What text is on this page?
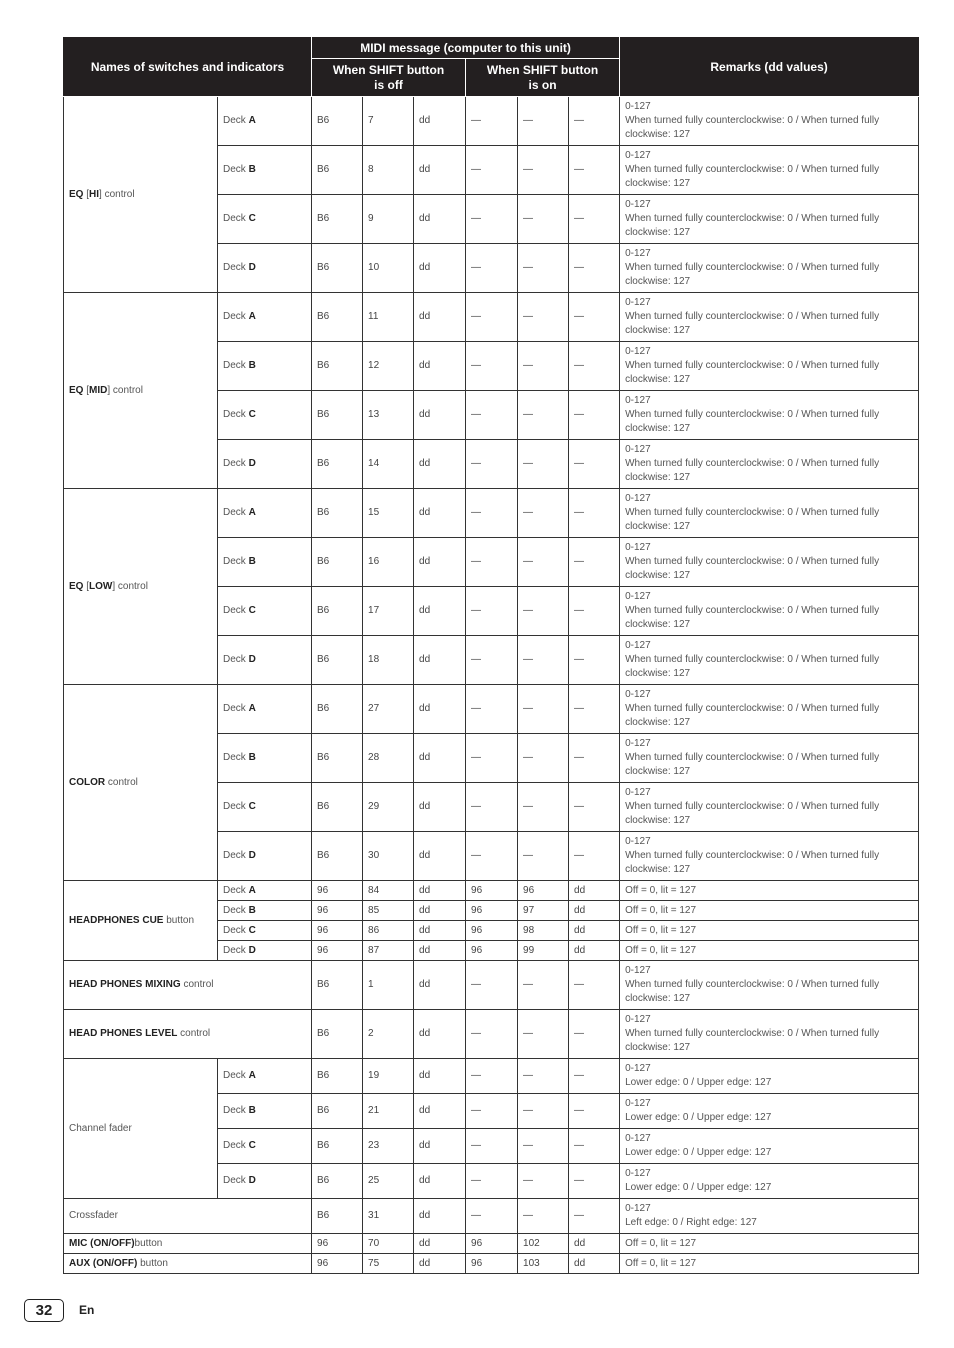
Names of switches and indicators		MIDI message (computer to this unit)						Remarks (dd values)
		When SHIFT button
is off			When SHIFT button
is on			
EQ [HI] control	Deck A	B6	7	dd	—	—	—	0-127
When turned fully counterclockwise: 0 / When turned fully clockwise: 127
	Deck B	B6	8	dd	—	—	—	0-127
When turned fully counterclockwise: 0 / When turned fully clockwise: 127
	Deck C	B6	9	dd	—	—	—	0-127
When turned fully counterclockwise: 0 / When turned fully clockwise: 127
	Deck D	B6	10	dd	—	—	—	0-127
When turned fully counterclockwise: 0 / When turned fully clockwise: 127
EQ [MID] control	Deck A	B6	11	dd	—	—	—	0-127
When turned fully counterclockwise: 0 / When turned fully clockwise: 127
	Deck B	B6	12	dd	—	—	—	0-127
When turned fully counterclockwise: 0 / When turned fully clockwise: 127
	Deck C	B6	13	dd	—	—	—	0-127
When turned fully counterclockwise: 0 / When turned fully clockwise: 127
	Deck D	B6	14	dd	—	—	—	0-127
When turned fully counterclockwise: 0 / When turned fully clockwise: 127
EQ [LOW] control	Deck A	B6	15	dd	—	—	—	0-127
When turned fully counterclockwise: 0 / When turned fully clockwise: 127
	Deck B	B6	16	dd	—	—	—	0-127
When turned fully counterclockwise: 0 / When turned fully clockwise: 127
	Deck C	B6	17	dd	—	—	—	0-127
When turned fully counterclockwise: 0 / When turned fully clockwise: 127
	Deck D	B6	18	dd	—	—	—	0-127
When turned fully counterclockwise: 0 / When turned fully clockwise: 127
COLOR control	Deck A	B6	27	dd	—	—	—	0-127
When turned fully counterclockwise: 0 / When turned fully clockwise: 127
	Deck B	B6	28	dd	—	—	—	0-127
When turned fully counterclockwise: 0 / When turned fully clockwise: 127
	Deck C	B6	29	dd	—	—	—	0-127
When turned fully counterclockwise: 0 / When turned fully clockwise: 127
	Deck D	B6	30	dd	—	—	—	0-127
When turned fully counterclockwise: 0 / When turned fully clockwise: 127
HEADPHONES CUE button	Deck A	96	84	dd	96	96	dd	Off = 0, lit = 127
	Deck B	96	85	dd	96	97	dd	Off = 0, lit = 127
	Deck C	96	86	dd	96	98	dd	Off = 0, lit = 127
	Deck D	96	87	dd	96	99	dd	Off = 0, lit = 127
HEAD PHONES MIXING control		B6	1	dd	—	—	—	0-127
When turned fully counterclockwise: 0 / When turned fully clockwise: 127
HEAD PHONES LEVEL control		B6	2	dd	—	—	—	0-127
When turned fully counterclockwise: 0 / When turned fully clockwise: 127
Channel fader	Deck A	B6	19	dd	—	—	—	0-127
Lower edge: 0 / Upper edge: 127
	Deck B	B6	21	dd	—	—	—	0-127
Lower edge: 0 / Upper edge: 127
	Deck C	B6	23	dd	—	—	—	0-127
Lower edge: 0 / Upper edge: 127
	Deck D	B6	25	dd	—	—	—	0-127
Lower edge: 0 / Upper edge: 127
Crossfader		B6	31	dd	—	—	—	0-127
Left edge: 0 / Right edge: 127
MIC (ON/OFF)button		96	70	dd	96	102	dd	Off = 0, lit = 127
AUX (ON/OFF) button		96	75	dd	96	103	dd	Off = 0, lit = 127
32	En
